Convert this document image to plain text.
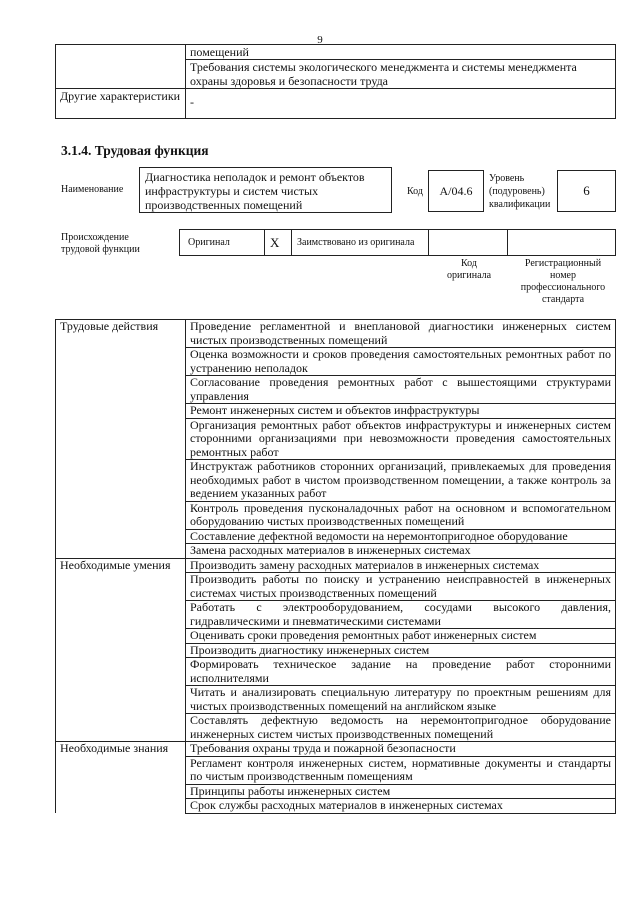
9
	помещений
	Требования системы экологического менеджмента и системы менеджмента охраны здоровья и безопасности труда
Другие характеристики	-
3.1.4. Трудовая функция
Наименование
Диагностика неполадок и ремонт объектов инфраструктуры и систем чистых производственных помещений
Код	A/04.6
Уровень (подуровень) квалификации
6
Происхождение трудовой функции
Оригинал	X Заимствовано из оригинала
Код оригинала
Регистрационный номер профессионального стандарта
Трудовые действия	Проведение регламентной и внеплановой диагностики инженерных систем чистых производственных помещений
	Оценка возможности и сроков проведения самостоятельных ремонтных работ по устранению неполадок
	Согласование проведения ремонтных работ с вышестоящими структурами управления
	Ремонт инженерных систем и объектов инфраструктуры
	Организация ремонтных работ объектов инфраструктуры и инженерных систем сторонними организациями при невозможности проведения самостоятельных ремонтных работ
	Инструктаж работников сторонних организаций, привлекаемых для проведения необходимых работ в чистом производственном помещении, а также контроль за ведением указанных работ
	Контроль проведения пусконаладочных работ на основном и вспомогательном оборудованию чистых производственных помещений
	Составление дефектной ведомости на неремонтопригодное оборудование
	Замена расходных материалов в инженерных системах
Необходимые умения	Производить замену расходных материалов в инженерных системах
	Производить работы по поиску и устранению неисправностей в инженерных системах чистых производственных помещений
	Работать с электрооборудованием, сосудами высокого давления, гидравлическими и пневматическими системами
	Оценивать сроки проведения ремонтных работ инженерных систем
	Производить диагностику инженерных систем
	Формировать техническое задание на проведение работ сторонними исполнителями
	Читать и анализировать специальную литературу по проектным решениям для чистых производственных помещений на английском языке
	Составлять дефектную ведомость на неремонтопригодное оборудование инженерных систем чистых производственных помещений
Необходимые знания	Требования охраны труда и пожарной безопасности
	Регламент контроля инженерных систем, нормативные документы и стандарты по чистым производственным помещениям
	Принципы работы инженерных систем
	Срок службы расходных материалов в инженерных системах
